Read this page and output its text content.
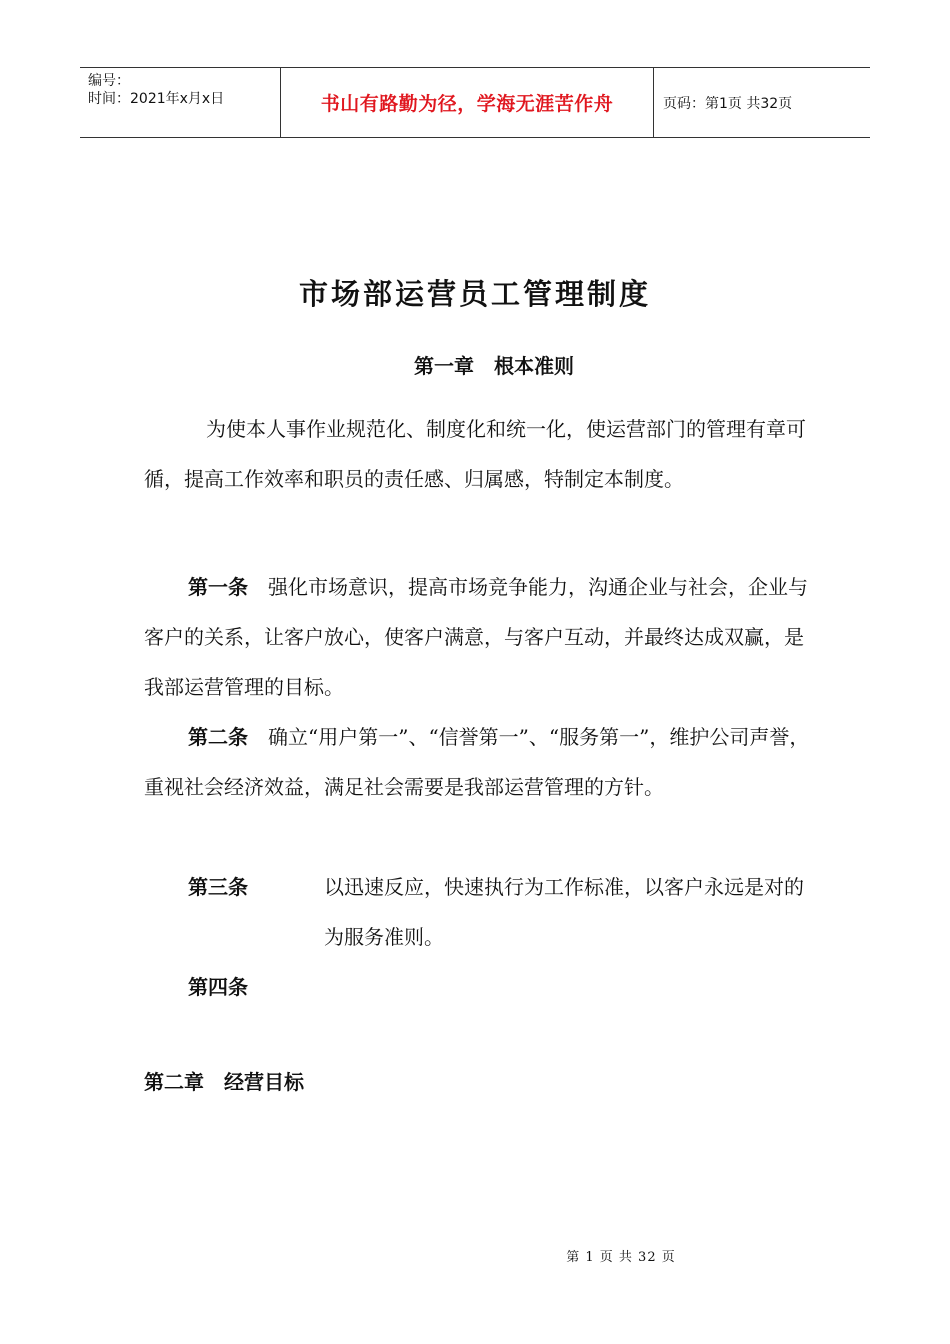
编号：
时间：2021年x月x日	书山有路勤为径，学海无涯苦作舟	页码：第1页 共32页
市场部运营员工管理制度
第一章　根本准则
为使本人事作业规范化、制度化和统一化，使运营部门的管理有章可循，提高工作效率和职员的责任感、归属感，特制定本制度。
第一条 强化市场意识，提高市场竞争能力，沟通企业与社会，企业与客户的关系，让客户放心，使客户满意，与客户互动，并最终达成双赢，是我部运营管理的目标。
第二条 确立“用户第一”、“信誉第一”、“服务第一”，维护公司声誉，重视社会经济效益，满足社会需要是我部运营管理的方针。
第三条	以迅速反应，快速执行为工作标准，以客户永远是对的为服务准则。
第四条
第二章　经营目标
第 1 页 共 32 页
